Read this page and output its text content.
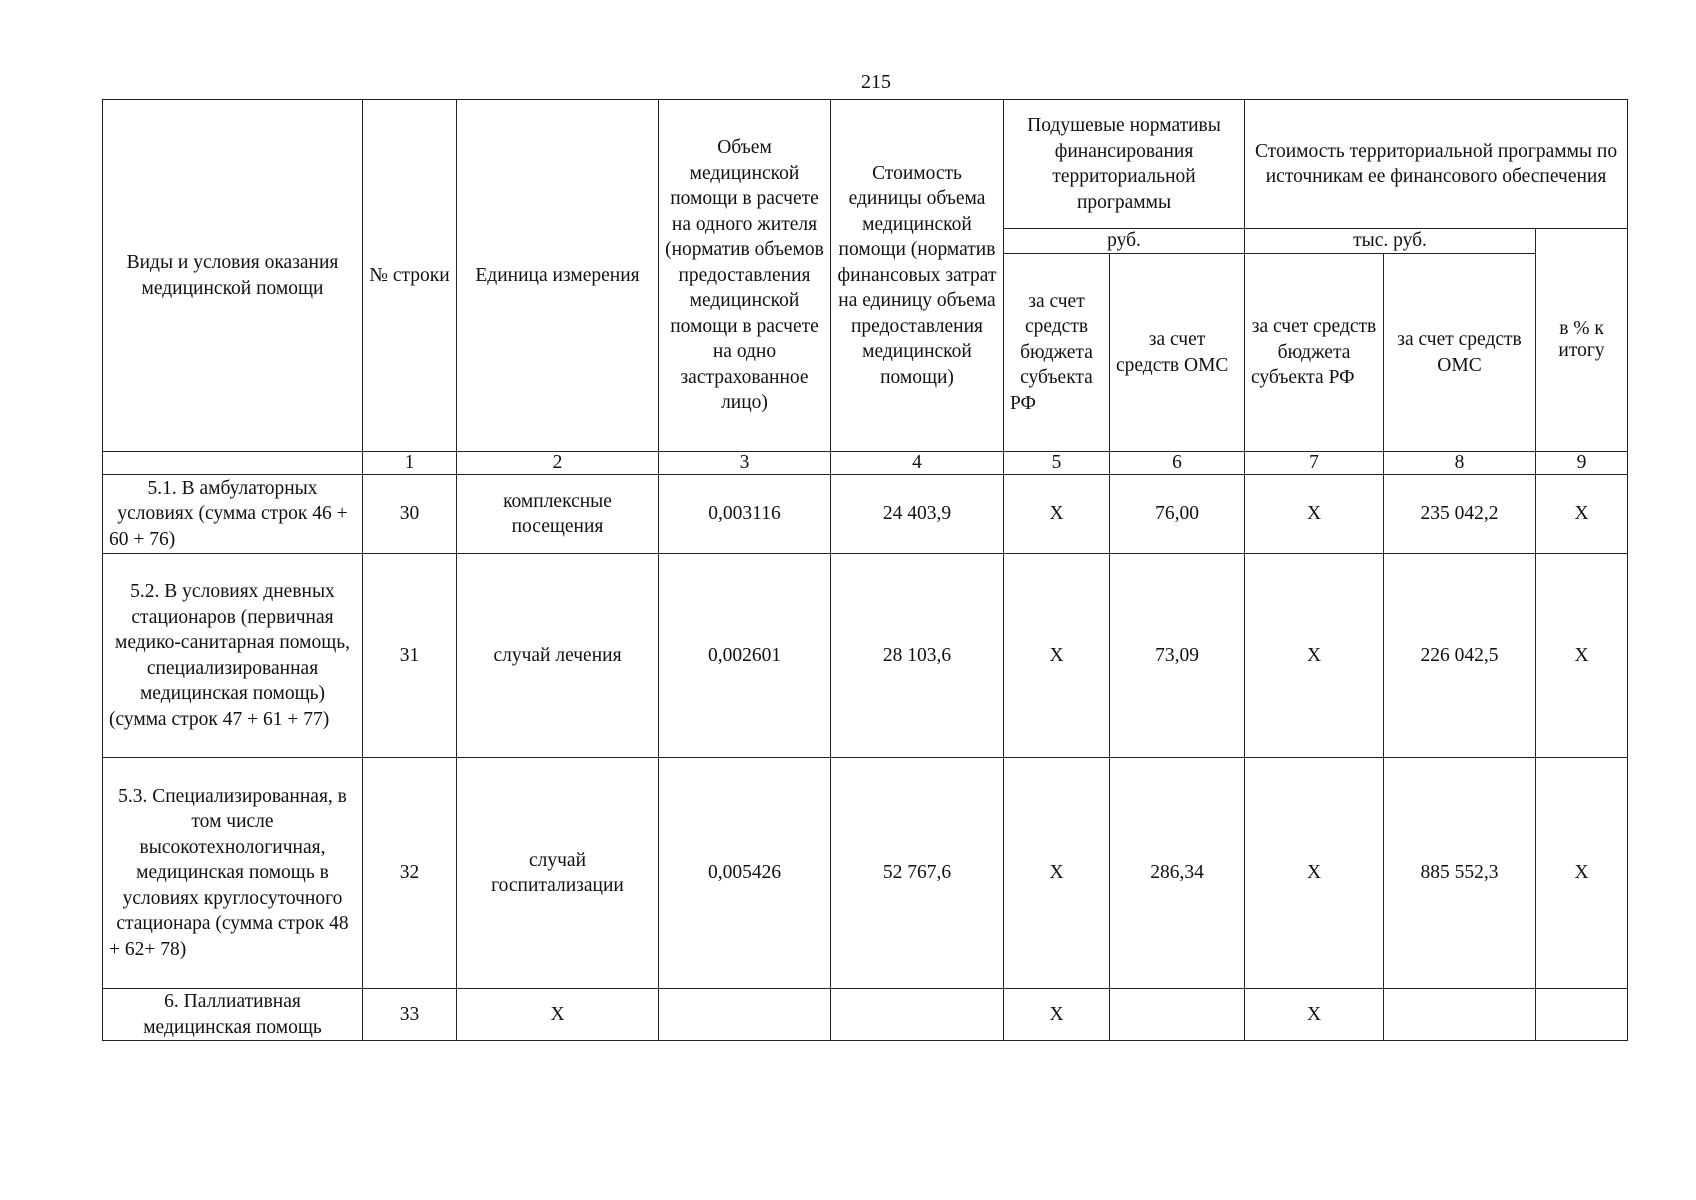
215
Виды и условия оказания медицинской помощи	№ строки	Единица измерения	Объем медицинской помощи в расчете на одного жителя (норматив объемов предоставления медицинской помощи в расчете на одно застрахованное лицо)	Стоимость единицы объема медицинской помощи (норматив финансовых затрат на единицу объема предоставления медицинской помощи)	Подушевые нормативы финансирования территориальной программы		Стоимость территориальной программы по источникам ее финансового обеспечения		
					руб.		тыс. руб.		в % к итогу
					за счет средств бюджета субъекта РФ	за счет средств ОМС	за счет средств бюджета субъекта РФ	за счет средств ОМС	
	1	2	3	4	5	6	7	8	9
5.1. В амбулаторных условиях (сумма строк 46 + 60 + 76)	30	комплексные посещения	0,003116	24 403,9	Х	76,00	Х	235 042,2	Х
5.2. В условиях дневных стационаров (первичная медико-санитарная помощь, специализированная медицинская помощь) (сумма строк 47 + 61 + 77)	31	случай лечения	0,002601	28 103,6	Х	73,09	Х	226 042,5	Х
5.3. Специализированная, в том числе высокотехнологичная, медицинская помощь в условиях круглосуточного стационара (сумма строк 48 + 62+ 78)	32	случай госпитализации	0,005426	52 767,6	Х	286,34	Х	885 552,3	Х
6. Паллиативная медицинская помощь	33	Х			Х		Х		
